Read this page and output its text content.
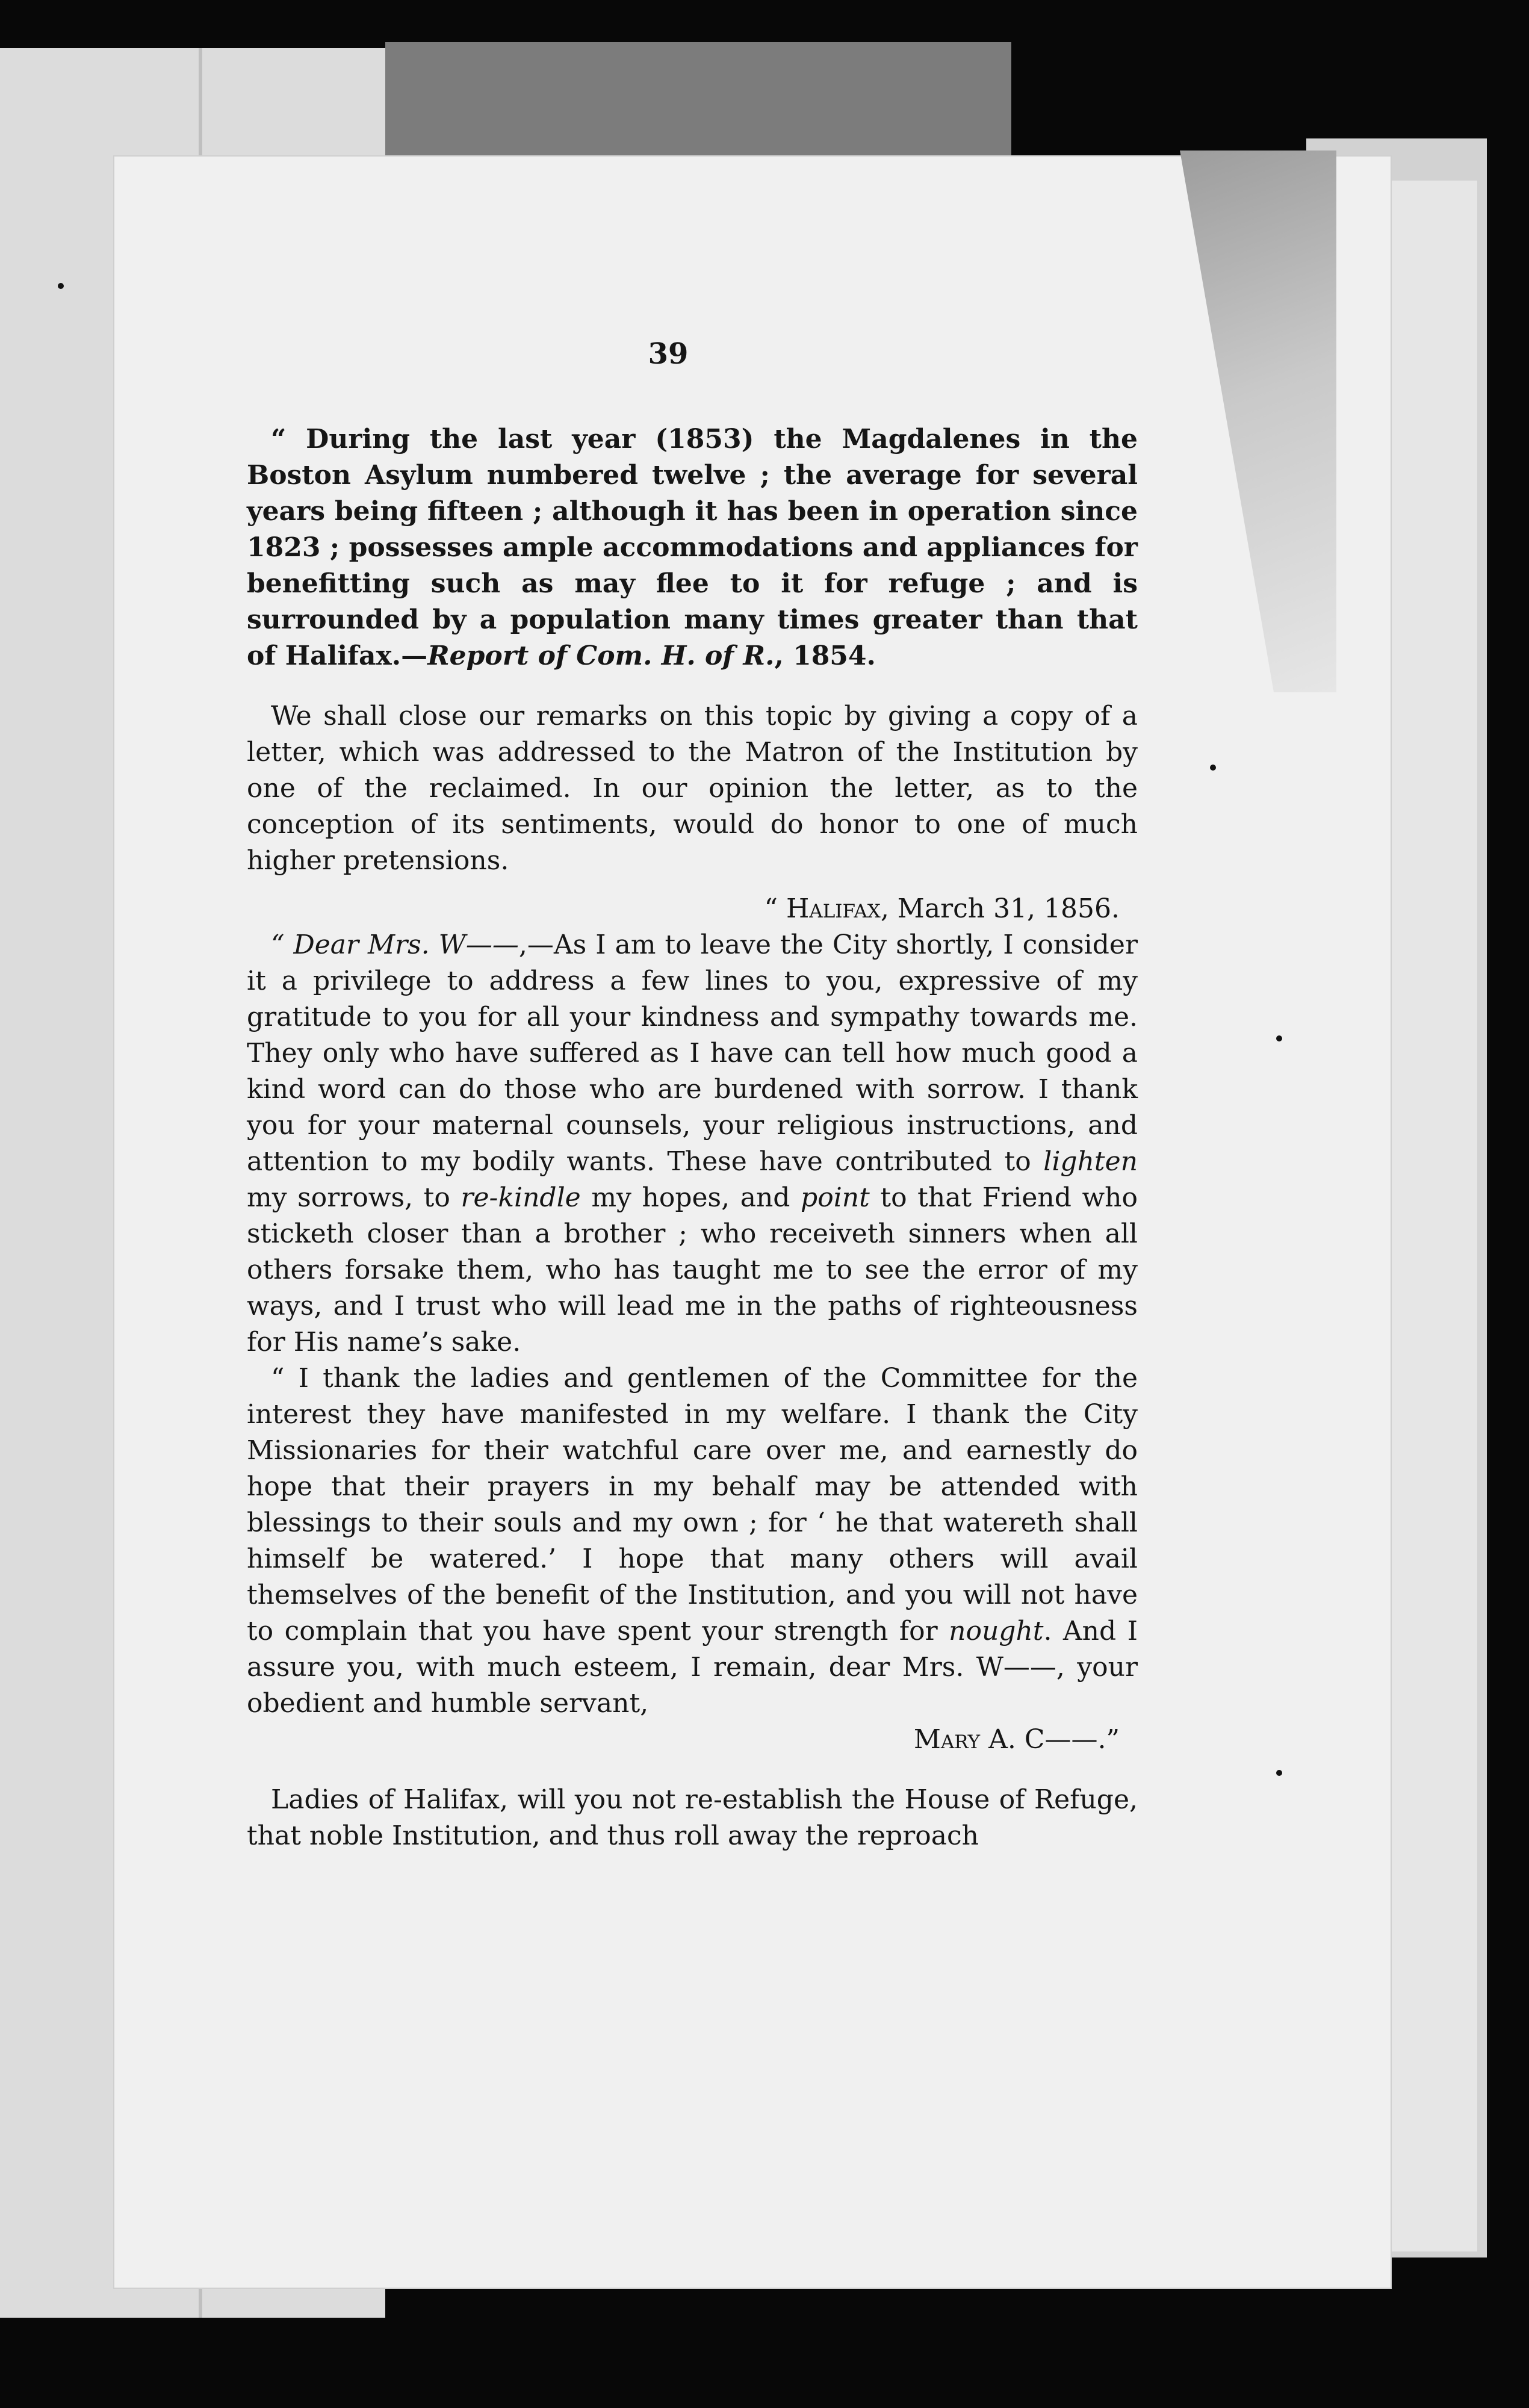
39

“ During the last year (1853) the Magdalenes in the Boston Asylum numbered twelve ; the average for several years being fifteen ; although it has been in operation since 1823 ; possesses ample accommodations and appliances for benefitting such as may flee to it for refuge ; and is surrounded by a population many times greater than that of Halifax.—Report of Com. H. of R., 1854.

We shall close our remarks on this topic by giving a copy of a letter, which was addressed to the Matron of the Institution by one of the reclaimed. In our opinion the letter, as to the conception of its sentiments, would do honor to one of much higher pretensions.

“ Halifax, March 31, 1856.

“ Dear Mrs. W——,—As I am to leave the City shortly, I consider it a privilege to address a few lines to you, expressive of my gratitude to you for all your kindness and sympathy towards me. They only who have suffered as I have can tell how much good a kind word can do those who are burdened with sorrow. I thank you for your maternal counsels, your religious instructions, and attention to my bodily wants. These have contributed to lighten my sorrows, to re-kindle my hopes, and point to that Friend who sticketh closer than a brother ; who receiveth sinners when all others forsake them, who has taught me to see the error of my ways, and I trust who will lead me in the paths of righteousness for His name’s sake.

“ I thank the ladies and gentlemen of the Committee for the interest they have manifested in my welfare. I thank the City Missionaries for their watchful care over me, and earnestly do hope that their prayers in my behalf may be attended with blessings to their souls and my own ; for ‘ he that watereth shall himself be watered.’ I hope that many others will avail themselves of the benefit of the Institution, and you will not have to complain that you have spent your strength for nought. And I assure you, with much esteem, I remain, dear Mrs. W——, your obedient and humble servant,

Mary A. C——.”

Ladies of Halifax, will you not re-establish the House of Refuge, that noble Institution, and thus roll away the reproach
